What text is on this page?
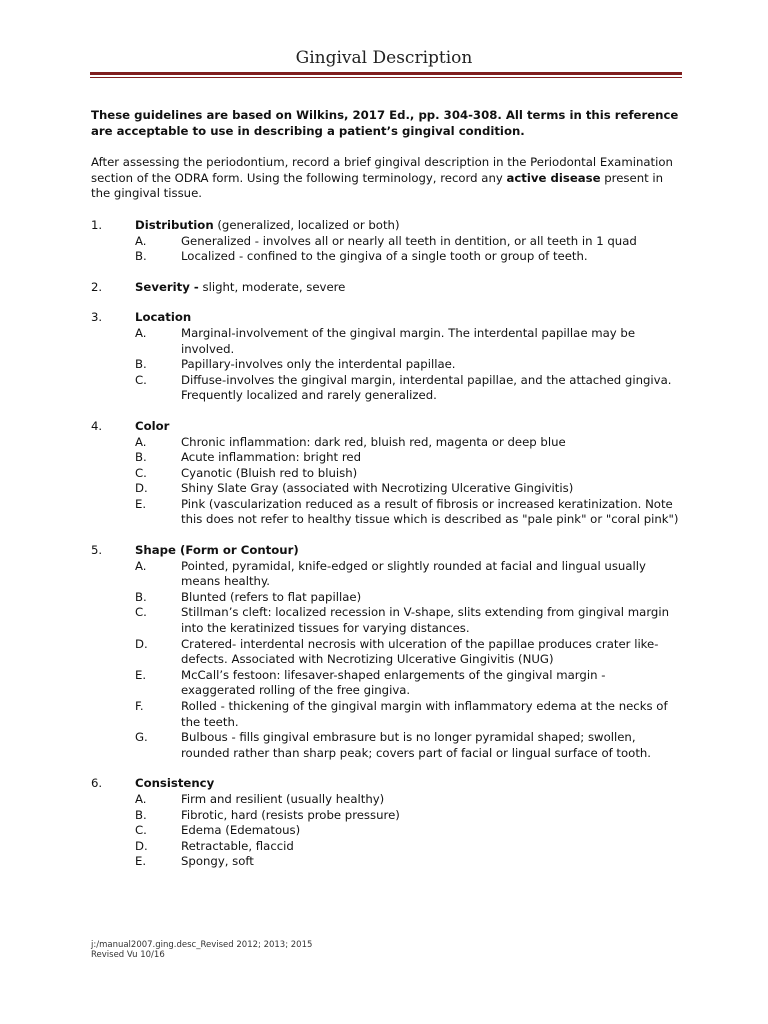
Gingival Description

These guidelines are based on Wilkins, 2017 Ed., pp. 304-308. All terms in this reference are acceptable to use in describing a patient’s gingival condition.

After assessing the periodontium, record a brief gingival description in the Periodontal Examination section of the ODRA form. Using the following terminology, record any active disease present in the gingival tissue.

1.	Distribution (generalized, localized or both)
A.	Generalized - involves all or nearly all teeth in dentition, or all teeth in 1 quad
B.	Localized - confined to the gingiva of a single tooth or group of teeth.
2.	Severity - slight, moderate, severe
3.	Location
A.	Marginal-involvement of the gingival margin. The interdental papillae may be involved.
B.	Papillary-involves only the interdental papillae.
C.	Diffuse-involves the gingival margin, interdental papillae, and the attached gingiva. Frequently localized and rarely generalized.
4.	Color
A.	Chronic inflammation: dark red, bluish red, magenta or deep blue
B.	Acute inflammation: bright red
C.	Cyanotic (Bluish red to bluish)
D.	Shiny Slate Gray (associated with Necrotizing Ulcerative Gingivitis)
E.	Pink (vascularization reduced as a result of fibrosis or increased keratinization. Note this does not refer to healthy tissue which is described as "pale pink" or "coral pink")
5.	Shape (Form or Contour)
A.	Pointed, pyramidal, knife-edged or slightly rounded at facial and lingual usually means healthy.
B.	Blunted (refers to flat papillae)
C.	Stillman’s cleft: localized recession in V-shape, slits extending from gingival margin into the keratinized tissues for varying distances.
D.	Cratered- interdental necrosis with ulceration of the papillae produces crater like-defects. Associated with Necrotizing Ulcerative Gingivitis (NUG)
E.	McCall’s festoon: lifesaver-shaped enlargements of the gingival margin - exaggerated rolling of the free gingiva.
F.	Rolled - thickening of the gingival margin with inflammatory edema at the necks of the teeth.
G.	Bulbous - fills gingival embrasure but is no longer pyramidal shaped; swollen, rounded rather than sharp peak; covers part of facial or lingual surface of tooth.
6.	Consistency
A.	Firm and resilient (usually healthy)
B.	Fibrotic, hard (resists probe pressure)
C.	Edema (Edematous)
D.	Retractable, flaccid
E.	Spongy, soft
j:/manual2007.ging.desc_Revised 2012; 2013; 2015
Revised Vu 10/16
